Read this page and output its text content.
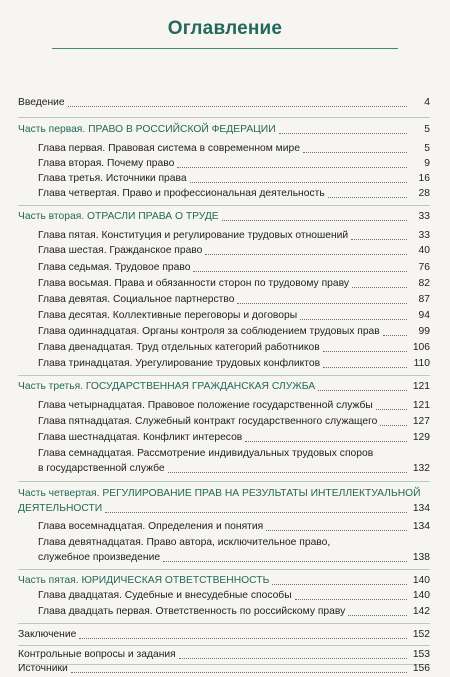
Оглавление
Введение	4
Часть первая. ПРАВО В РОССИЙСКОЙ ФЕДЕРАЦИИ	5
Глава первая. Правовая система в современном мире	5
Глава вторая. Почему право	9
Глава третья. Источники права	16
Глава четвертая. Право и профессиональная деятельность	28
Часть вторая. ОТРАСЛИ ПРАВА О ТРУДЕ	33
Глава пятая. Конституция и регулирование трудовых отношений	33
Глава шестая. Гражданское право	40
Глава седьмая. Трудовое право	76
Глава восьмая. Права и обязанности сторон по трудовому праву	82
Глава девятая. Социальное партнерство	87
Глава десятая. Коллективные переговоры и договоры	94
Глава одиннадцатая. Органы контроля за соблюдением трудовых прав	99
Глава двенадцатая. Труд отдельных категорий работников	106
Глава тринадцатая. Урегулирование трудовых конфликтов	110
Часть третья. ГОСУДАРСТВЕННАЯ ГРАЖДАНСКАЯ СЛУЖБА	121
Глава четырнадцатая. Правовое положение государственной службы	121
Глава пятнадцатая. Служебный контракт государственного служащего	127
Глава шестнадцатая. Конфликт интересов	129
Глава семнадцатая. Рассмотрение индивидуальных трудовых споров
в государственной службе	132
Часть четвертая. РЕГУЛИРОВАНИЕ ПРАВ НА РЕЗУЛЬТАТЫ ИНТЕЛЛЕКТУАЛЬНОЙ
ДЕЯТЕЛЬНОСТИ	134
Глава восемнадцатая. Определения и понятия	134
Глава девятнадцатая. Право автора, исключительное право,
служебное произведение	138
Часть пятая. ЮРИДИЧЕСКАЯ ОТВЕТСТВЕННОСТЬ	140
Глава двадцатая. Судебные и внесудебные способы	140
Глава двадцать первая. Ответственность по российскому праву	142
Заключение	152
Контрольные вопросы и задания	153
Источники	156
